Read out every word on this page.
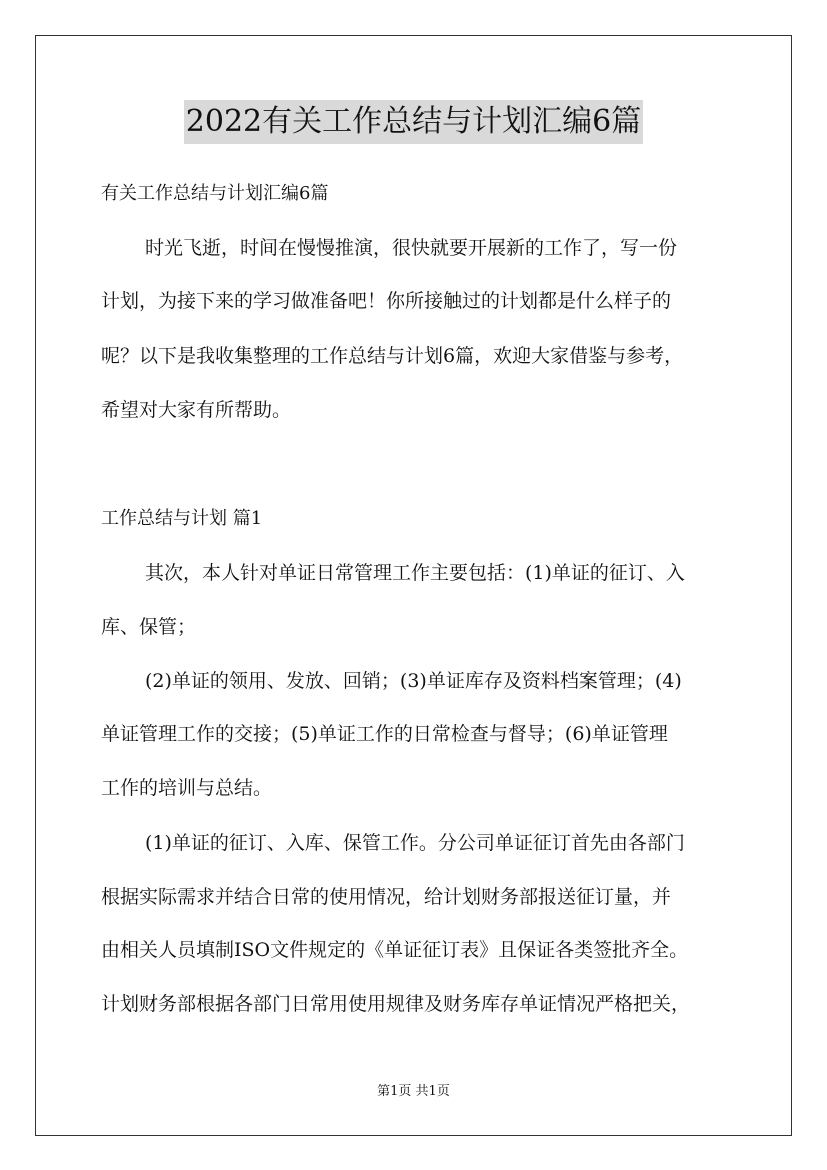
2022有关工作总结与计划汇编6篇
有关工作总结与计划汇编6篇
时光飞逝，时间在慢慢推演，很快就要开展新的工作了，写一份
计划，为接下来的学习做准备吧！你所接触过的计划都是什么样子的
呢？以下是我收集整理的工作总结与计划6篇，欢迎大家借鉴与参考，
希望对大家有所帮助。
工作总结与计划 篇1
其次，本人针对单证日常管理工作主要包括：(1)单证的征订、入
库、保管；
(2)单证的领用、发放、回销；(3)单证库存及资料档案管理；(4)
单证管理工作的交接；(5)单证工作的日常检查与督导；(6)单证管理
工作的培训与总结。
(1)单证的征订、入库、保管工作。分公司单证征订首先由各部门
根据实际需求并结合日常的使用情况，给计划财务部报送征订量，并
由相关人员填制ISO文件规定的《单证征订表》且保证各类签批齐全。
计划财务部根据各部门日常用使用规律及财务库存单证情况严格把关，
第1页 共1页
